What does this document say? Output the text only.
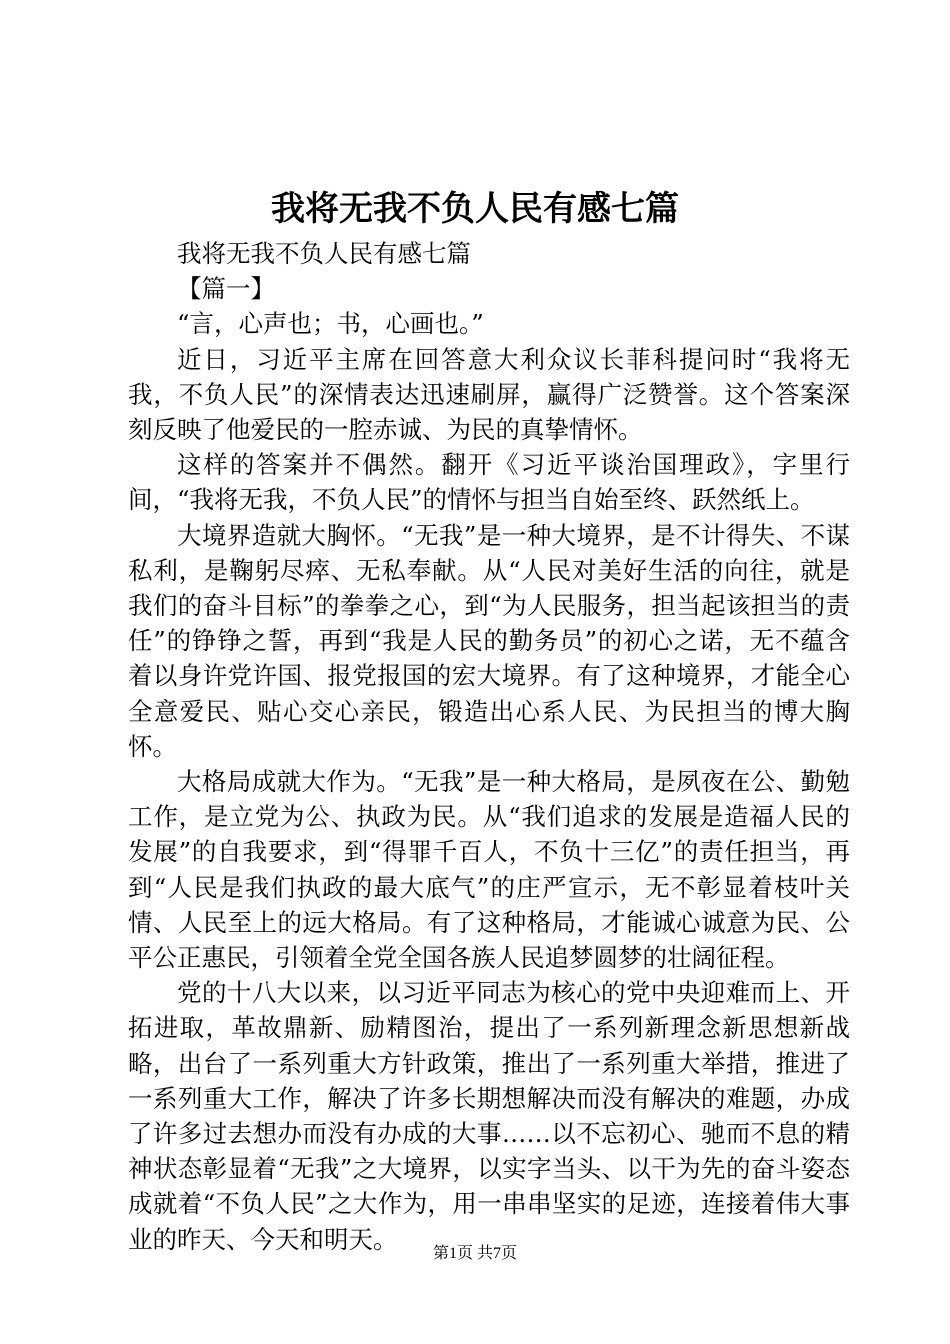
我将无我不负人民有感七篇

我将无我不负人民有感七篇

【篇一】

“言，心声也；书，心画也。”

近日，习近平主席在回答意大利众议长菲科提问时“我将无我，不负人民”的深情表达迅速刷屏，赢得广泛赞誉。这个答案深刻反映了他爱民的一腔赤诚、为民的真挚情怀。

这样的答案并不偶然。翻开《习近平谈治国理政》，字里行间，“我将无我，不负人民”的情怀与担当自始至终、跃然纸上。

大境界造就大胸怀。“无我”是一种大境界，是不计得失、不谋私利，是鞠躬尽瘁、无私奉献。从“人民对美好生活的向往，就是我们的奋斗目标”的拳拳之心，到“为人民服务，担当起该担当的责任”的铮铮之誓，再到“我是人民的勤务员”的初心之诺，无不蕴含着以身许党许国、报党报国的宏大境界。有了这种境界，才能全心全意爱民、贴心交心亲民，锻造出心系人民、为民担当的博大胸怀。

大格局成就大作为。“无我”是一种大格局，是夙夜在公、勤勉工作，是立党为公、执政为民。从“我们追求的发展是造福人民的发展”的自我要求，到“得罪千百人，不负十三亿”的责任担当，再到“人民是我们执政的最大底气”的庄严宣示，无不彰显着枝叶关情、人民至上的远大格局。有了这种格局，才能诚心诚意为民、公平公正惠民，引领着全党全国各族人民追梦圆梦的壮阔征程。

党的十八大以来，以习近平同志为核心的党中央迎难而上、开拓进取，革故鼎新、励精图治，提出了一系列新理念新思想新战略，出台了一系列重大方针政策，推出了一系列重大举措，推进了一系列重大工作，解决了许多长期想解决而没有解决的难题，办成了许多过去想办而没有办成的大事……以不忘初心、驰而不息的精神状态彰显着“无我”之大境界，以实字当头、以干为先的奋斗姿态成就着“不负人民”之大作为，用一串串坚实的足迹，连接着伟大事业的昨天、今天和明天。	第1页 共7页
